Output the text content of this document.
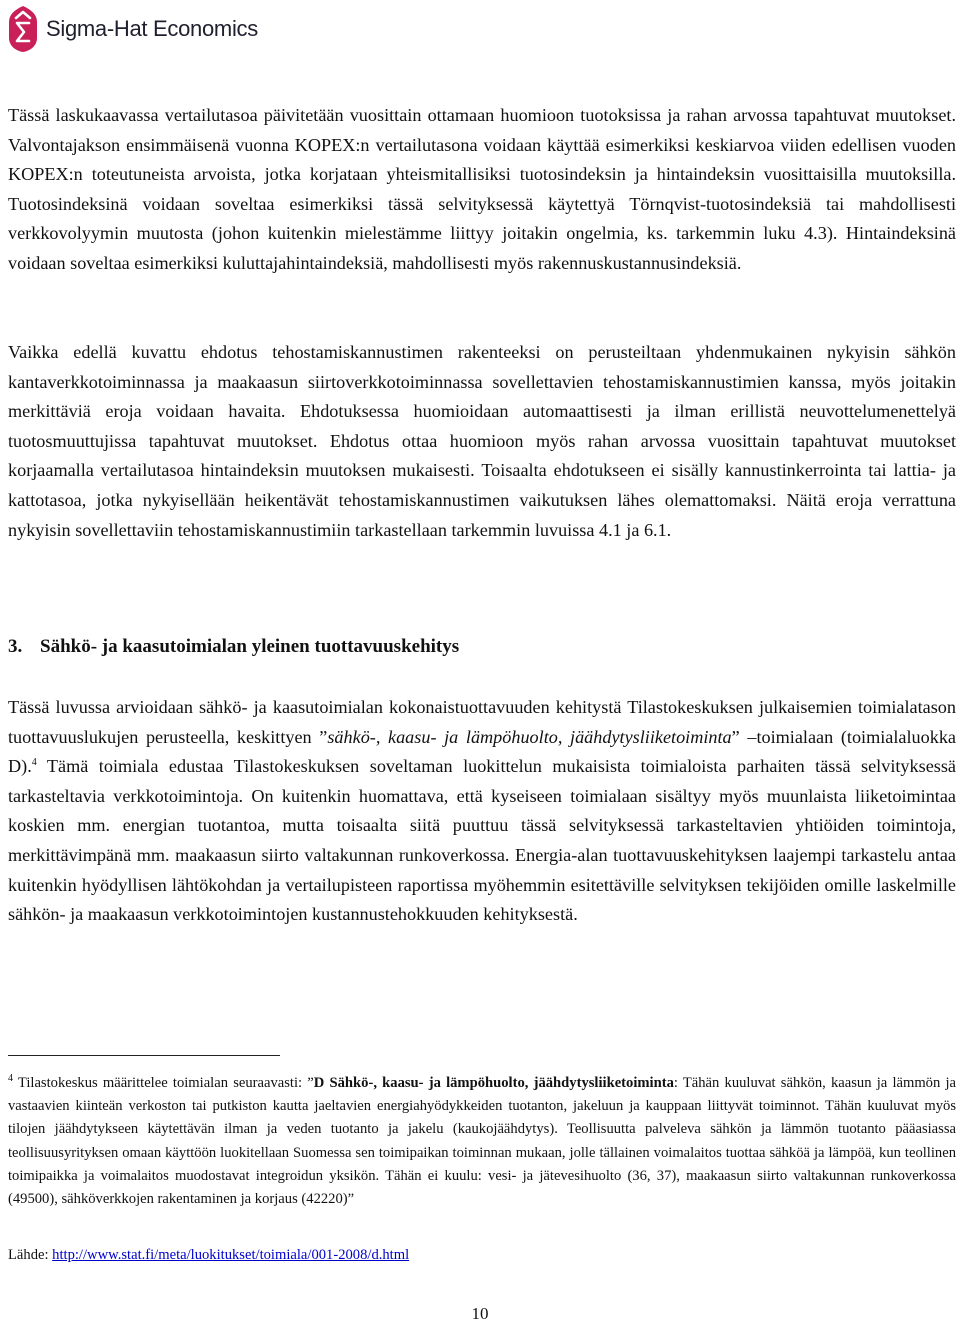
Sigma-Hat Economics

Tässä laskukaavassa vertailutasoa päivitetään vuosittain ottamaan huomioon tuotoksissa ja rahan arvossa tapahtuvat muutokset. Valvontajakson ensimmäisenä vuonna KOPEX:n vertailutasona voidaan käyttää esimerkiksi keskiarvoa viiden edellisen vuoden KOPEX:n toteutuneista arvoista, jotka korjataan yhteismitallisiksi tuotosindeksin ja hintaindeksin vuosittaisilla muutoksilla. Tuotosindeksinä voidaan soveltaa esimerkiksi tässä selvityksessä käytettyä Törnqvist-tuotosindeksiä tai mahdollisesti verkkovolyymin muutosta (johon kuitenkin mielestämme liittyy joitakin ongelmia, ks. tarkemmin luku 4.3). Hintaindeksinä voidaan soveltaa esimerkiksi kuluttajahintaindeksiä, mahdollisesti myös rakennuskustannusindeksiä.

Vaikka edellä kuvattu ehdotus tehostamiskannustimen rakenteeksi on perusteiltaan yhdenmukainen nykyisin sähkön kantaverkkotoiminnassa ja maakaasun siirtoverkkotoiminnassa sovellettavien tehostamiskannustimien kanssa, myös joitakin merkittäviä eroja voidaan havaita. Ehdotuksessa huomioidaan automaattisesti ja ilman erillistä neuvottelumenettelyä tuotosmuuttujissa tapahtuvat muutokset. Ehdotus ottaa huomioon myös rahan arvossa vuosittain tapahtuvat muutokset korjaamalla vertailutasoa hintaindeksin muutoksen mukaisesti. Toisaalta ehdotukseen ei sisälly kannustinkerrointa tai lattia- ja kattotasoa, jotka nykyisellään heikentävät tehostamiskannustimen vaikutuksen lähes olemattomaksi. Näitä eroja verrattuna nykyisin sovellettaviin tehostamiskannustimiin tarkastellaan tarkemmin luvuissa 4.1 ja 6.1.

3. Sähkö- ja kaasutoimialan yleinen tuottavuuskehitys

Tässä luvussa arvioidaan sähkö- ja kaasutoimialan kokonaistuottavuuden kehitystä Tilastokeskuksen julkaisemien toimialatason tuottavuuslukujen perusteella, keskittyen ”sähkö-, kaasu- ja lämpöhuolto, jäähdytysliiketoiminta” –toimialaan (toimialaluokka D).$^4$ Tämä toimiala edustaa Tilastokeskuksen soveltaman luokittelun mukaisista toimialoista parhaiten tässä selvityksessä tarkasteltavia verkkotoimintoja. On kuitenkin huomattava, että kyseiseen toimialaan sisältyy myös muunlaista liiketoimintaa koskien mm. energian tuotantoa, mutta toisaalta siitä puuttuu tässä selvityksessä tarkasteltavien yhtiöiden toimintoja, merkittävimpänä mm. maakaasun siirto valtakunnan runkoverkossa. Energia-alan tuottavuuskehityksen laajempi tarkastelu antaa kuitenkin hyödyllisen lähtökohdan ja vertailupisteen raportissa myöhemmin esitettäville selvityksen tekijöiden omille laskelmille sähkön- ja maakaasun verkkotoimintojen kustannustehokkuuden kehityksestä.

$^4$ Tilastokeskus määrittelee toimialan seuraavasti: ”D Sähkö-, kaasu- ja lämpöhuolto, jäähdytysliiketoiminta: Tähän kuuluvat sähkön, kaasun ja lämmön ja vastaavien kiinteän verkoston tai putkiston kautta jaeltavien energiahyödykkeiden tuotanton, jakeluun ja kauppaan liittyvät toiminnot. Tähän kuuluvat myös tilojen jäähdytykseen käytettävän ilman ja veden tuotanto ja jakelu (kaukojäähdytys). Teollisuutta palveleva sähkön ja lämmön tuotanto pääasiassa teollisuusyrityksen omaan käyttöön luokitellaan Suomessa sen toimipaikan toiminnan mukaan, jolle tällainen voimalaitos tuottaa sähköä ja lämpöä, kun teollinen toimipaikka ja voimalaitos muodostavat integroidun yksikön. Tähän ei kuulu: vesi- ja jätevesihuolto (36, 37), maakaasun siirto valtakunnan runkoverkossa (49500), sähköverkkojen rakentaminen ja korjaus (42220)”

Lähde: http://www.stat.fi/meta/luokitukset/toimiala/001-2008/d.html

10
